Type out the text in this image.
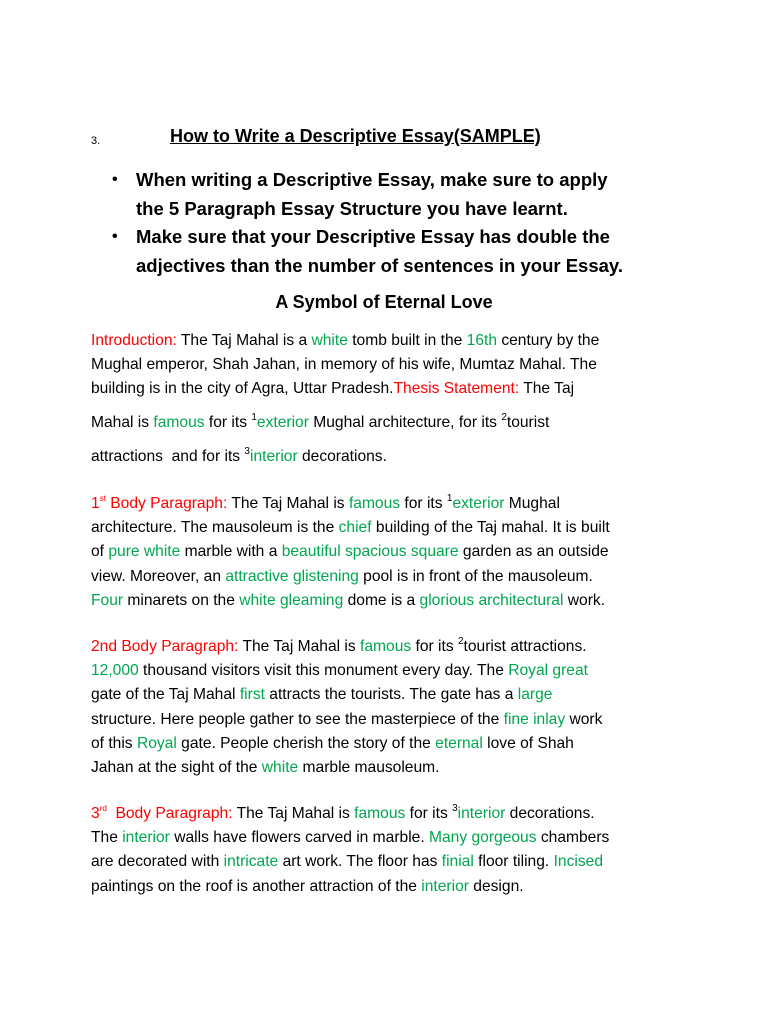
3.	How to Write a Descriptive Essay(SAMPLE)
• When writing a Descriptive Essay, make sure to apply
the 5 Paragraph Essay Structure you have learnt.
• Make sure that your Descriptive Essay has double the
adjectives than the number of sentences in your Essay.
A Symbol of Eternal Love
Introduction: The Taj Mahal is a white tomb built in the 16th century by the
Mughal emperor, Shah Jahan, in memory of his wife, Mumtaz Mahal. The
building is in the city of Agra, Uttar Pradesh.Thesis Statement: The Taj
Mahal is famous for its $^1$exterior Mughal architecture, for its $^2$tourist
attractions  and for its $^3$interior decorations.
1st Body Paragraph: The Taj Mahal is famous for its $^1$exterior Mughal
architecture. The mausoleum is the chief building of the Taj mahal. It is built
of pure white marble with a beautiful spacious square garden as an outside
view. Moreover, an attractive glistening pool is in front of the mausoleum.
Four minarets on the white gleaming dome is a glorious architectural work.
2nd Body Paragraph: The Taj Mahal is famous for its $^2$tourist attractions.
12,000 thousand visitors visit this monument every day. The Royal great
gate of the Taj Mahal first attracts the tourists. The gate has a large
structure. Here people gather to see the masterpiece of the fine inlay work
of this Royal gate. People cherish the story of the eternal love of Shah
Jahan at the sight of the white marble mausoleum.
3rd  Body Paragraph: The Taj Mahal is famous for its $^3$interior decorations.
The interior walls have flowers carved in marble. Many gorgeous chambers
are decorated with intricate art work. The floor has finial floor tiling. Incised
paintings on the roof is another attraction of the interior design.
